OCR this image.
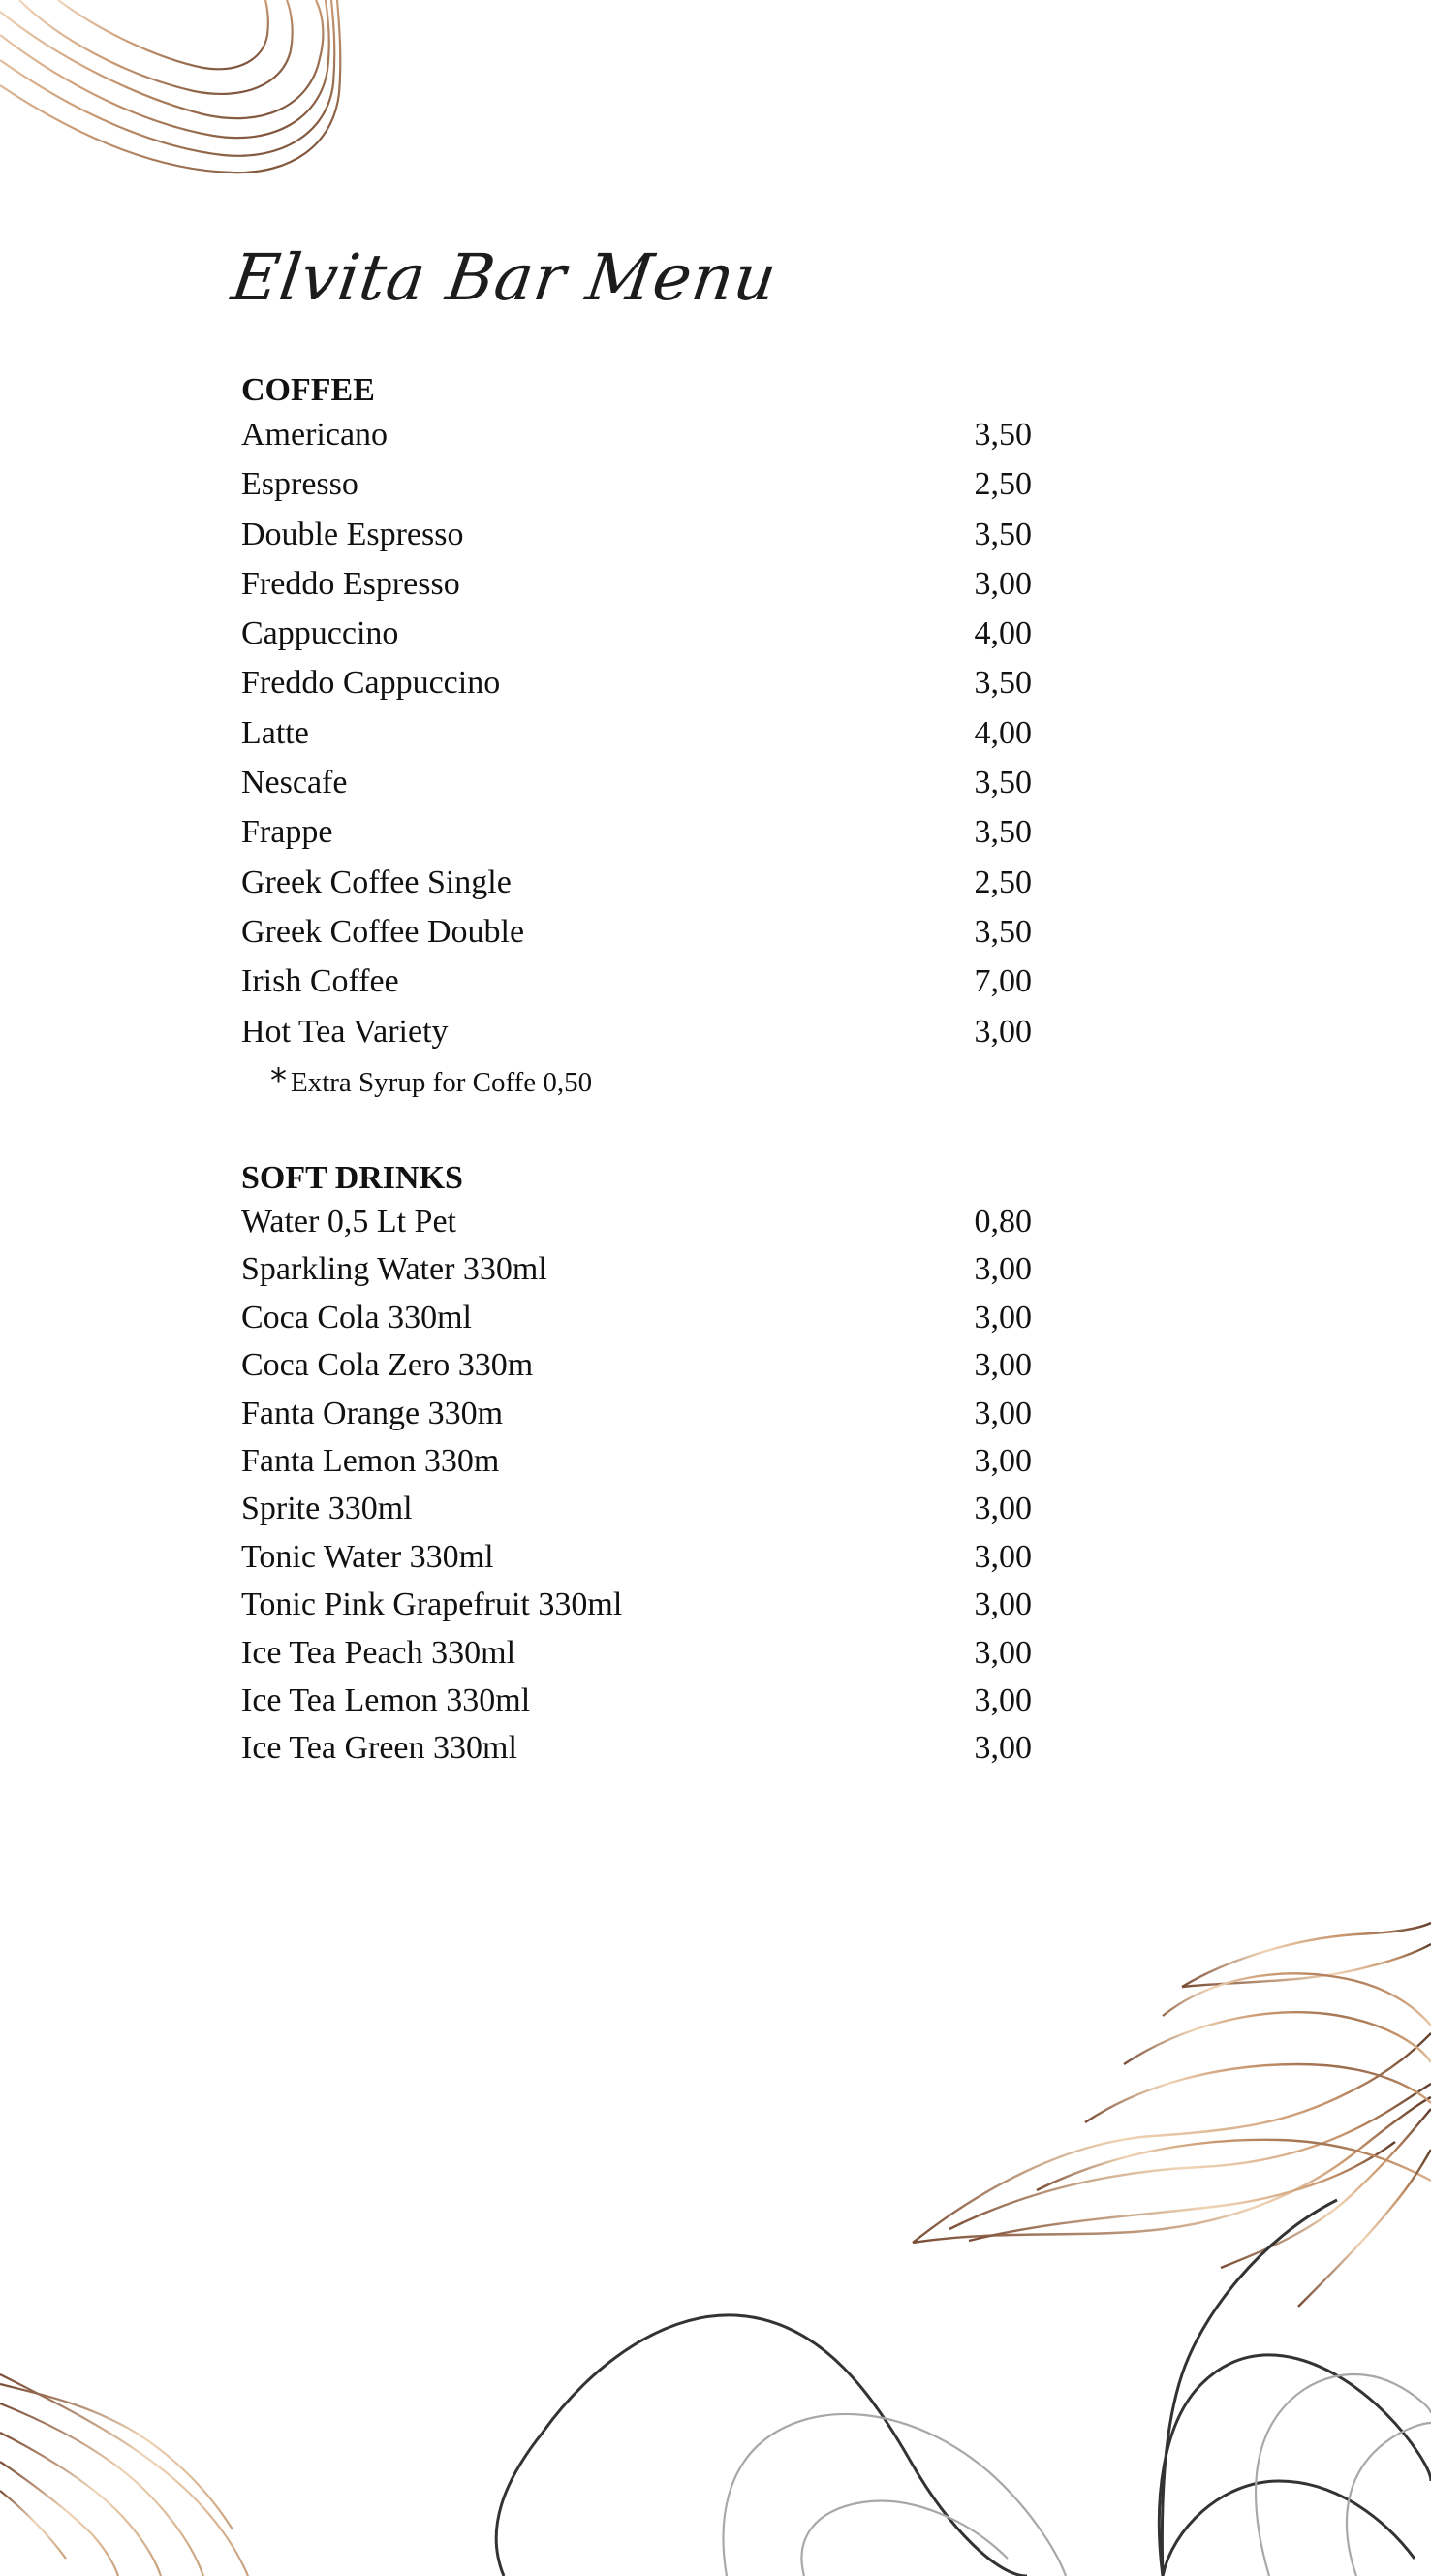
Elvita Bar Menu
COFFEE
Americano	3,50
Espresso	2,50
Double Espresso	3,50
Freddo Espresso	3,00
Cappuccino	4,00
Freddo Cappuccino	3,50
Latte	4,00
Nescafe	3,50
Frappe	3,50
Greek Coffee Single	2,50
Greek Coffee Double	3,50
Irish Coffee	7,00
Hot Tea Variety	3,00
* Extra Syrup for Coffe 0,50
SOFT DRINKS
Water 0,5 Lt Pet	0,80
Sparkling Water 330ml	3,00
Coca Cola 330ml	3,00
Coca Cola Zero 330m	3,00
Fanta Orange 330m	3,00
Fanta Lemon 330m	3,00
Sprite 330ml	3,00
Tonic Water 330ml	3,00
Tonic Pink Grapefruit 330ml	3,00
Ice Tea Peach 330ml	3,00
Ice Tea Lemon 330ml	3,00
Ice Tea Green 330ml	3,00
